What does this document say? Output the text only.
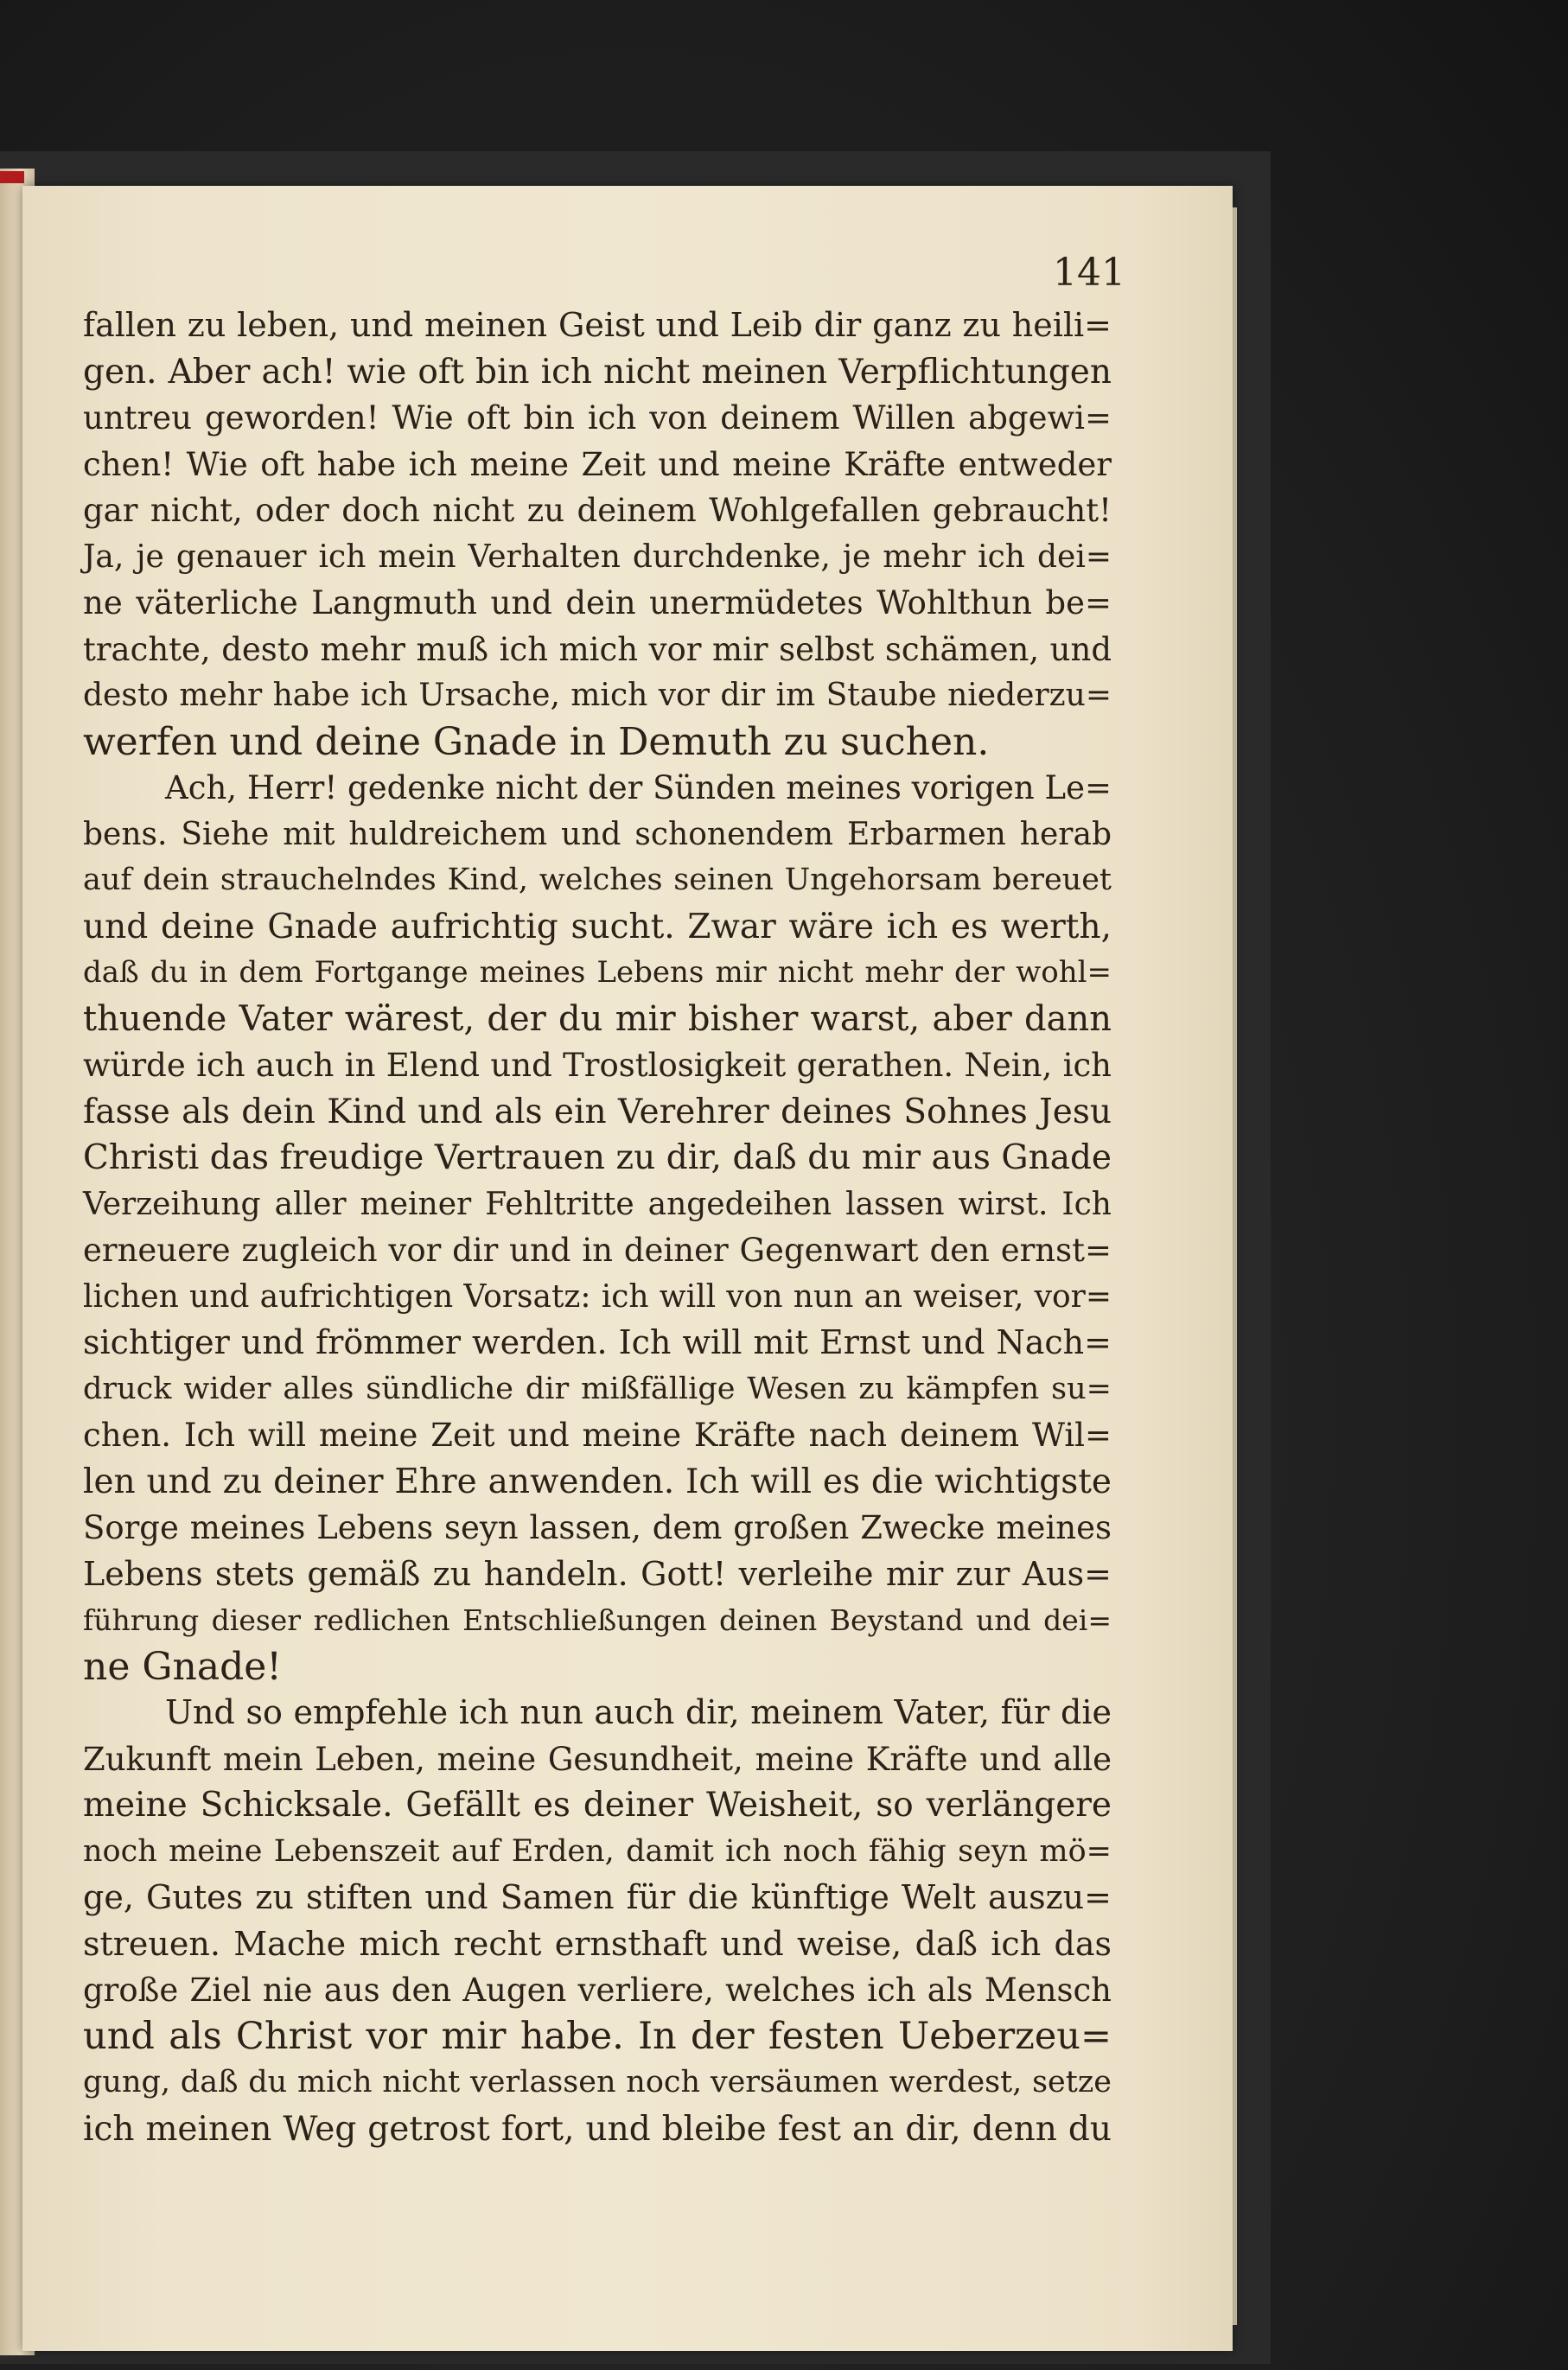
141
fallen zu leben, und meinen Geist und Leib dir ganz zu heili=
gen. Aber ach! wie oft bin ich nicht meinen Verpflichtungen
untreu geworden! Wie oft bin ich von deinem Willen abgewi=
chen! Wie oft habe ich meine Zeit und meine Kräfte entweder
gar nicht, oder doch nicht zu deinem Wohlgefallen gebraucht!
Ja, je genauer ich mein Verhalten durchdenke, je mehr ich dei=
ne väterliche Langmuth und dein unermüdetes Wohlthun be=
trachte, desto mehr muß ich mich vor mir selbst schämen, und
desto mehr habe ich Ursache, mich vor dir im Staube niederzu=
werfen und deine Gnade in Demuth zu suchen.
Ach, Herr! gedenke nicht der Sünden meines vorigen Le=
bens. Siehe mit huldreichem und schonendem Erbarmen herab
auf dein strauchelndes Kind, welches seinen Ungehorsam bereuet
und deine Gnade aufrichtig sucht. Zwar wäre ich es werth,
daß du in dem Fortgange meines Lebens mir nicht mehr der wohl=
thuende Vater wärest, der du mir bisher warst, aber dann
würde ich auch in Elend und Trostlosigkeit gerathen. Nein, ich
fasse als dein Kind und als ein Verehrer deines Sohnes Jesu
Christi das freudige Vertrauen zu dir, daß du mir aus Gnade
Verzeihung aller meiner Fehltritte angedeihen lassen wirst. Ich
erneuere zugleich vor dir und in deiner Gegenwart den ernst=
lichen und aufrichtigen Vorsatz: ich will von nun an weiser, vor=
sichtiger und frömmer werden. Ich will mit Ernst und Nach=
druck wider alles sündliche dir mißfällige Wesen zu kämpfen su=
chen. Ich will meine Zeit und meine Kräfte nach deinem Wil=
len und zu deiner Ehre anwenden. Ich will es die wichtigste
Sorge meines Lebens seyn lassen, dem großen Zwecke meines
Lebens stets gemäß zu handeln. Gott! verleihe mir zur Aus=
führung dieser redlichen Entschließungen deinen Beystand und dei=
ne Gnade!
Und so empfehle ich nun auch dir, meinem Vater, für die
Zukunft mein Leben, meine Gesundheit, meine Kräfte und alle
meine Schicksale. Gefällt es deiner Weisheit, so verlängere
noch meine Lebenszeit auf Erden, damit ich noch fähig seyn mö=
ge, Gutes zu stiften und Samen für die künftige Welt auszu=
streuen. Mache mich recht ernsthaft und weise, daß ich das
große Ziel nie aus den Augen verliere, welches ich als Mensch
und als Christ vor mir habe. In der festen Ueberzeu=
gung, daß du mich nicht verlassen noch versäumen werdest, setze
ich meinen Weg getrost fort, und bleibe fest an dir, denn du
